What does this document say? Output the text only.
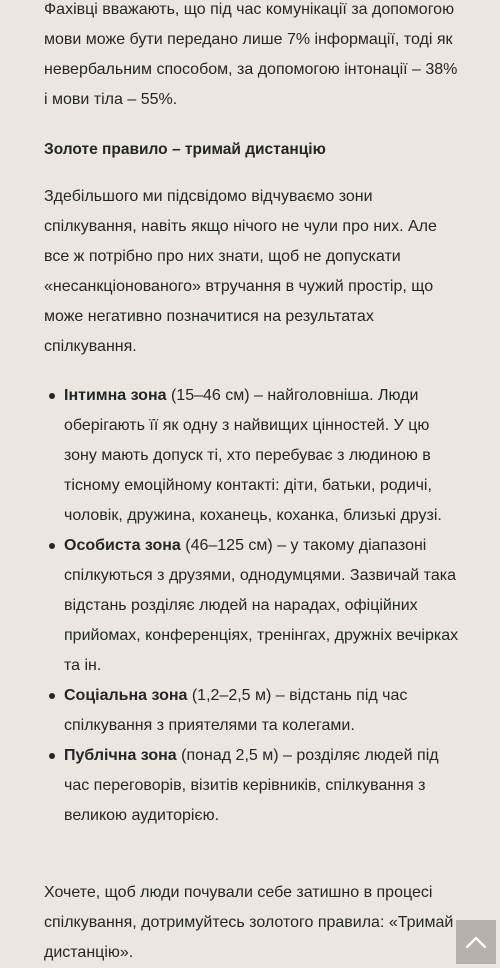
Фахівці вважають, що під час комунікації за допомогою мови може бути передано лише 7% інформації, тоді як невербальним способом, за допомогою інтонації – 38% і мови тіла – 55%.

Золоте правило – тримай дистанцію

Здебільшого ми підсвідомо відчуваємо зони спілкування, навіть якщо нічого не чули про них. Але все ж потрібно про них знати, щоб не допускати «несанкціонованого» втручання в чужий простір, що може негативно позначитися на результатах спілкування.

Інтимна зона (15–46 см) – найголовніша. Люди оберігають її як одну з найвищих цінностей. У цю зону мають допуск ті, хто перебуває з людиною в тісному емоційному контакті: діти, батьки, родичі, чоловік, дружина, коханець, коханка, близькі друзі.
Особиста зона (46–125 см) – у такому діапазоні спілкуються з друзями, однодумцями. Зазвичай така відстань розділяє людей на нарадах, офіційних прийомах, конференціях, тренінгах, дружніх вечірках та ін.
Соціальна зона (1,2–2,5 м) – відстань під час спілкування з приятелями та колегами.
Публічна зона (понад 2,5 м) – розділяє людей під час переговорів, візитів керівників, спілкування з великою аудиторією.

Хочете, щоб люди почували себе затишно в процесі спілкування, дотримуйтесь золотого правила: «Тримай дистанцію».
